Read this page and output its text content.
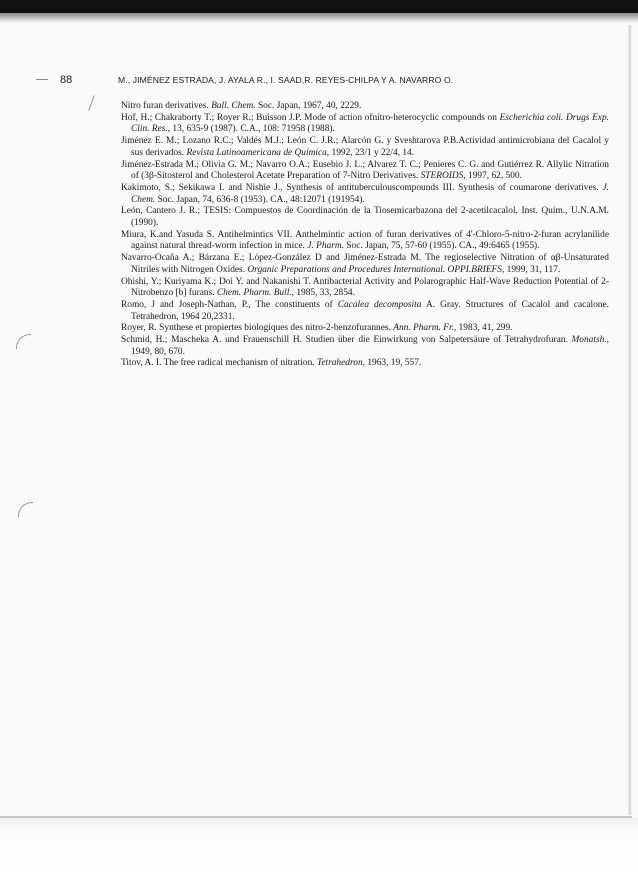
88	M., JIMÉNEZ ESTRADA, J. AYALA R., I. SAAD,R. REYES-CHILPA Y A. NAVARRO O.
Nitro furan derivatives. Bull. Chem. Soc. Japan, 1967, 40, 2229.
Hof, H.; Chakraborty T.; Royer R.; Buisson J.P. Mode of action ofnitro-heterocyclic compounds on Escherichia coli. Drugs Exp. Clin. Res., 13, 635-9 (1987). C.A., 108: 71958 (1988).
Jiménez E. M.; Lozano R.C.; Valdés M.J.; León C. J.R.; Alarcón G. y Sveshtarova P.B.Actividad antimicrobiana del Cacalol y sus derivados. Revista Latinoamericana de Química, 1992, 23/1 y 22/4, 14.
Jiménez-Estrada M.; Olivia G. M.; Navarro O.A.; Eusebio J. L.; Alvarez T. C.; Penieres C. G. and Gutiérrez R. Allylic Nitration of (3β-Sitosterol and Cholesterol Acetate Preparation of 7-Nitro Derivatives. STEROIDS, 1997, 62, 500.
Kakimoto, S.; Sekikawa I. and Nishie J., Synthesis of antituberculouscompounds III. Synthesis of coumarone derivatives. J. Chem. Soc. Japan, 74, 636-8 (1953). CA., 48:12071 (191954).
León, Cantero J. R.; TESIS: Compuestos de Coordinación de la Tiosemicarbazona del 2-acetilcacalol. Inst. Quím., U.N.A.M. (1990).
Miura, K.and Yasuda S. Antihelmintics VII. Anthelmintic action of furan derivatives of 4'-Chloro-5-nitro-2-furan acrylanilide against natural thread-worm infection in mice. J. Pharm. Soc. Japan, 75, 57-60 (1955). CA., 49:6465 (1955).
Navarro-Ocaña A.; Bárzana E.; López-González D and Jiménez-Estrada M. The regioselective Nitration of αβ-Unsaturated Nitriles with Nitrogen Oxides. Organic Preparations and Procedures International. OPPI.BRIEFS, 1999, 31, 117.
Ohishi, Y.; Kuriyama K.; Doi Y. and Nakanishi T. Antibacterial Activity and Polarographic Half-Wave Reduction Potential of 2-Nitrobenzo [b] furans. Chem. Pharm. Bull., 1985, 33, 2854.
Romo, J and Joseph-Nathan, P., The constituents of Cacalea decomposita A. Gray. Structures of Cacalol and cacalone. Tetrahedron, 1964 20,2331.
Royer, R. Synthese et propiertes biologiques des nitro-2-benzofurannes. Ann. Pharm. Fr., 1983, 41, 299.
Schmid, H.; Mascheka A. und Frauenschill H. Studien über die Einwirkung von Salpetersäure of Tetrahydrofuran. Monatsh., 1949, 80, 670.
Titov, A. I. The free radical mechanism of nitration. Tetrahedron, 1963, 19, 557.
